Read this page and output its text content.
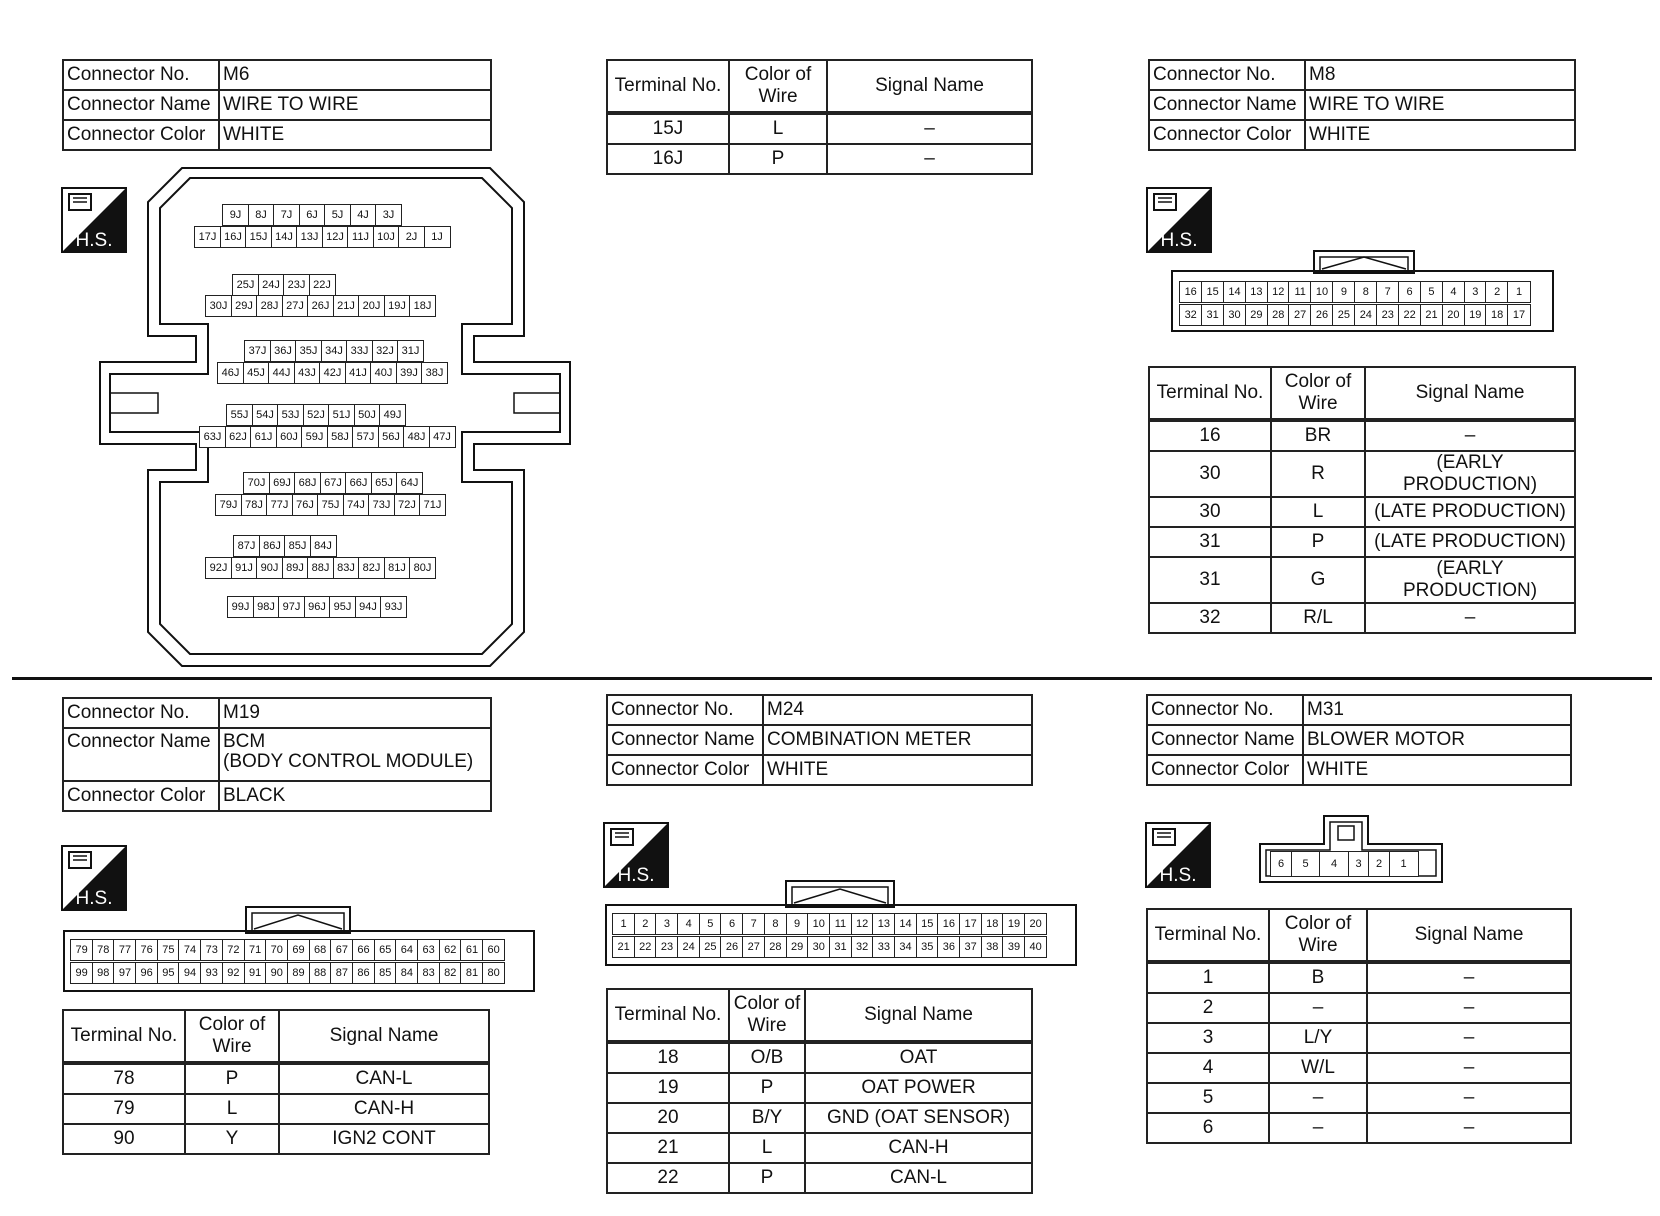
Connector No.	M6
Connector Name	WIRE TO WIRE
Connector Color	WHITE
H.S.
9J	8J	7J	6J	5J	4J	3J
17J 16J 15J 14J 13J 12J 11J 10J 2J	1J
25J 24J 23J 22J
30J 29J 28J 27J 26J 21J 20J 19J 18J
37J 36J 35J 34J 33J 32J 31J
46J 45J 44J 43J 42J 41J 40J 39J 38J
55J 54J 53J 52J 51J 50J 49J
63J 62J 61J 60J 59J 58J 57J 56J 48J 47J
70J 69J 68J 67J 66J 65J 64J
79J 78J 77J 76J 75J 74J 73J 72J 71J
87J 86J 85J 84J
92J 91J 90J 89J 88J 83J 82J 81J 80J
99J 98J 97J 96J 95J 94J 93J
Terminal No.	Color of Wire	Signal Name
15J	L	–
16J	P	–
Connector No.	M8
Connector Name	WIRE TO WIRE
Connector Color	WHITE
H.S.
16 15 14 13 12 11 10	9	8	7	6	5	4	3	2	1
32 31 30 29 28 27 26 25 24 23 22 21 20 19 18 17
Terminal No.	Color of Wire	Signal Name
16	BR	–
30	R	(EARLY PRODUCTION)
30	L	(LATE PRODUCTION)
31	P	(LATE PRODUCTION)
31	G	(EARLY PRODUCTION)
32	R/L	–
Connector No.	M19
Connector Name	BCM
(BODY CONTROL MODULE)

Connector Color	BLACK
H.S.
79 78 77 76 75 74 73 72 71 70 69 68 67 66 65 64 63 62 61 60
99 98 97 96 95 94 93 92 91 90 89 88 87 86 85 84 83 82 81 80
Terminal No.	Color of Wire	Signal Name
78	P	CAN-L
79	L	CAN-H
90	Y	IGN2 CONT
Connector No.	M24
Connector Name	COMBINATION METER
Connector Color	WHITE
H.S.
1	2	3	4	5	6	7	8	9	10 11 12 13 14 15 16 17 18 19 20
21 22 23 24 25 26 27 28 29 30 31 32 33 34 35 36 37 38 39 40
Terminal No.	Color of Wire	Signal Name
18	O/B	OAT
19	P	OAT POWER
20	B/Y	GND (OAT SENSOR)
21	L	CAN-H
22	P	CAN-L
Connector No.	M31
Connector Name	BLOWER MOTOR
Connector Color	WHITE
H.S.
6	5	4	3	2	1
Terminal No.	Color of Wire	Signal Name
1	B	–
2	–	–
3	L/Y	–
4	W/L	–
5	–	–
6	–	–
